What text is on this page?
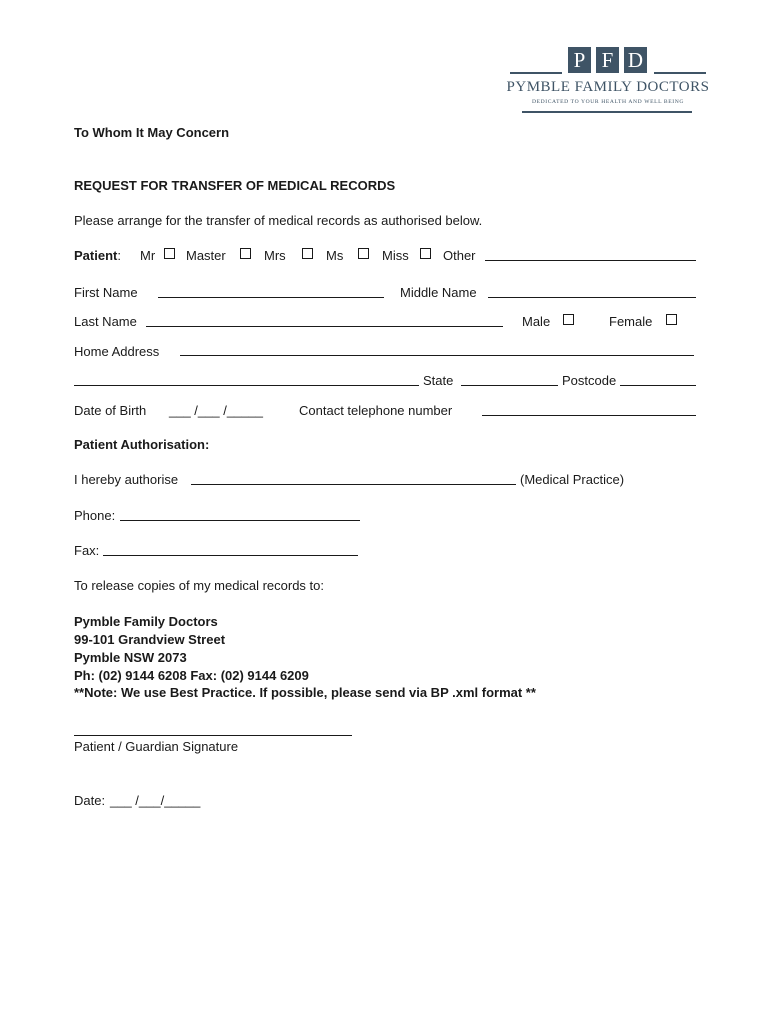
P F D
PYMBLE FAMILY DOCTORS
DEDICATED TO YOUR HEALTH AND WELL BEING
To Whom It May Concern
REQUEST FOR TRANSFER OF MEDICAL RECORDS
Please arrange for the transfer of medical records as authorised below.
Patient: Mr Master	Mrs	Ms	Miss	Other
First Name	Middle Name
Last Name	Male	Female
Home Address
State	Postcode
Date of Birth ___ /___ /_____	Contact telephone number
Patient Authorisation:
I hereby authorise	(Medical Practice)
Phone:
Fax:
To release copies of my medical records to:
Pymble Family Doctors
99-101 Grandview Street
Pymble NSW 2073
Ph: (02) 9144 6208 Fax: (02) 9144 6209
**Note: We use Best Practice. If possible, please send via BP .xml format **
Patient / Guardian Signature
Date: ___ /___/_____
